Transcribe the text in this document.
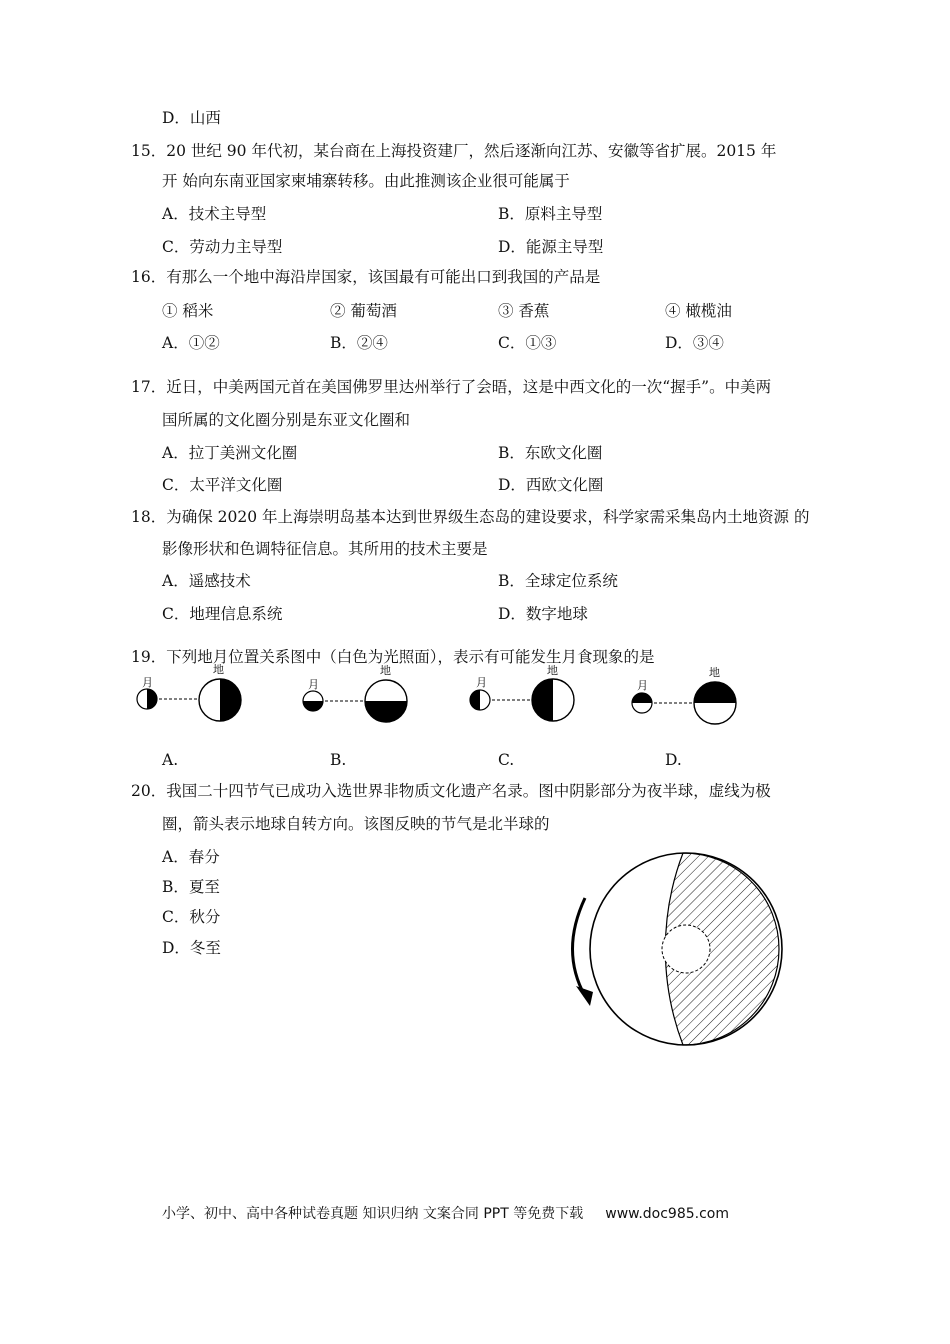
D．山西
15．20 世纪 90 年代初，某台商在上海投资建厂，然后逐渐向江苏、安徽等省扩展。2015 年
开 始向东南亚国家柬埔寨转移。由此推测该企业很可能属于
A．技术主导型	B．原料主导型
C．劳动力主导型	D．能源主导型
16．有那么一个地中海沿岸国家，该国最有可能出口到我国的产品是
① 稻米	② 葡萄酒	③ 香蕉	④ 橄榄油
A．①②	B．②④	C．①③	D．③④
17．近日，中美两国元首在美国佛罗里达州举行了会晤，这是中西文化的一次“握手”。中美两
国所属的文化圈分别是东亚文化圈和
A．拉丁美洲文化圈	B．东欧文化圈
C．太平洋文化圈	D．西欧文化圈
18．为确保 2020 年上海崇明岛基本达到世界级生态岛的建设要求，科学家需采集岛内土地资源 的
影像形状和色调特征信息。其所用的技术主要是
A．遥感技术	B．全球定位系统
C．地理信息系统	D．数字地球
19．下列地月位置关系图中（白色为光照面），表示有可能发生月食现象的是
月
地
月
地
月
地
月
地
A.	B.	C.	D.
20．我国二十四节气已成功入选世界非物质文化遗产名录。图中阴影部分为夜半球，虚线为极
圈，箭头表示地球自转方向。该图反映的节气是北半球的
A．春分
B．夏至
C．秋分
D．冬至
小学、初中、高中各种试卷真题 知识归纳 文案合同 PPT 等免费下载 www.doc985.com
